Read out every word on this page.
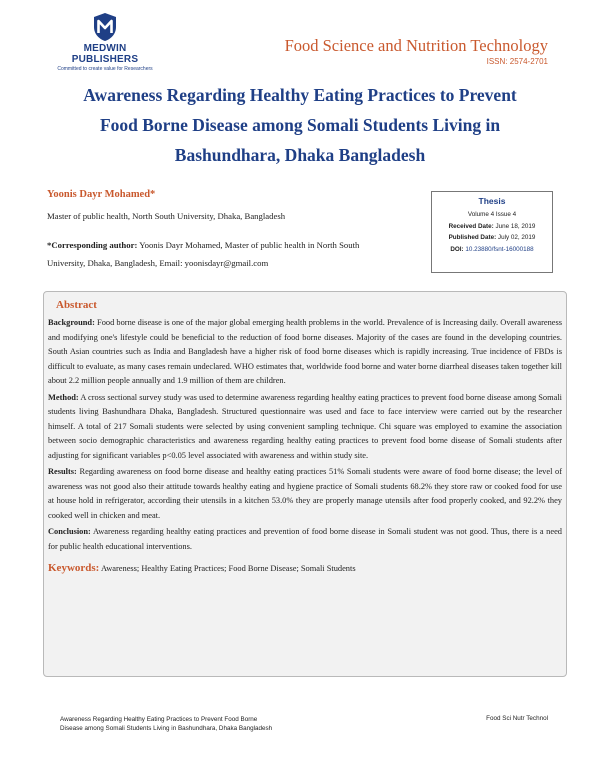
MEDWIN PUBLISHERS
Committed to create value for Researchers
Food Science and Nutrition Technology
ISSN: 2574-2701
Awareness Regarding Healthy Eating Practices to Prevent
Food Borne Disease among Somali Students Living in
Bashundhara, Dhaka Bangladesh
Yoonis Dayr Mohamed*
Master of public health, North South University, Dhaka, Bangladesh
*Corresponding author: Yoonis Dayr Mohamed, Master of public health in North South University, Dhaka, Bangladesh, Email: yoonisdayr@gmail.com
Thesis
Volume 4 Issue 4
Received Date: June 18, 2019
Published Date: July 02, 2019
DOI: 10.23880/fsnt-16000188
Abstract

Background: Food borne disease is one of the major global emerging health problems in the world. Prevalence of is Increasing daily. Overall awareness and modifying one's lifestyle could be beneficial to the reduction of food borne diseases. Majority of the cases are found in the developing countries. South Asian countries such as India and Bangladesh have a higher risk of food borne diseases which is rapidly increasing. True incidence of FBDs is difficult to evaluate, as many cases remain undeclared. WHO estimates that, worldwide food borne and water borne diarrheal diseases taken together kill about 2.2 million people annually and 1.9 million of them are children.

Method: A cross sectional survey study was used to determine awareness regarding healthy eating practices to prevent food borne disease among Somali students living Bashundhara Dhaka, Bangladesh. Structured questionnaire was used and face to face interview were carried out by the researcher himself. A total of 217 Somali students were selected by using convenient sampling technique. Chi square was employed to examine the association between socio demographic characteristics and awareness regarding healthy eating practices to prevent food borne disease of Somali students after adjusting for significant variables p<0.05 level associated with awareness and within study site.

Results: Regarding awareness on food borne disease and healthy eating practices 51% Somali students were aware of food borne disease; the level of awareness was not good also their attitude towards healthy eating and hygiene practice of Somali students 68.2% they store raw or cooked food for use at house hold in refrigerator, according their utensils in a kitchen 53.0% they are properly manage utensils after food properly cooked, and 92.2% they cooked well in chicken and meat.

Conclusion: Awareness regarding healthy eating practices and prevention of food borne disease in Somali student was not good. Thus, there is a need for public health educational interventions.

Keywords: Awareness; Healthy Eating Practices; Food Borne Disease; Somali Students
Awareness Regarding Healthy Eating Practices to Prevent Food Borne
Disease among Somali Students Living in Bashundhara, Dhaka Bangladesh
Food Sci Nutr Technol
